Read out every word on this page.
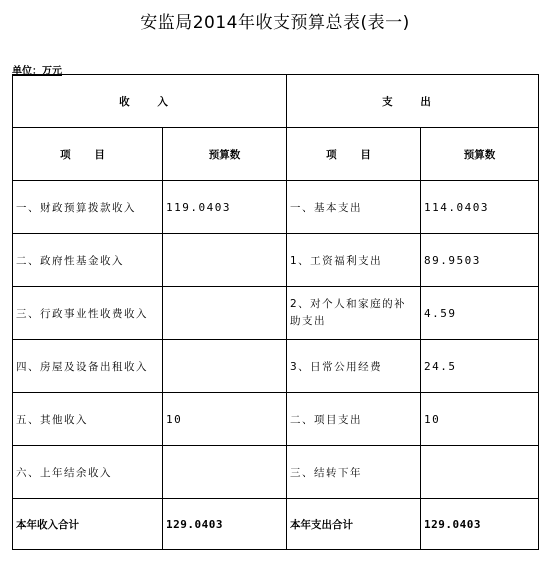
安监局2014年收支预算总表(表一)
单位：万元
收 入		支 出	
项 目	预算数	项 目	预算数
一、财政预算拨款收入	119.0403	一、基本支出	114.0403
二、政府性基金收入		1、工资福利支出	89.9503
三、行政事业性收费收入		2、对个人和家庭的补助支出	4.59
四、房屋及设备出租收入		3、日常公用经费	24.5
五、其他收入	10	二、项目支出	10
六、上年结余收入		三、结转下年	
本年收入合计	129.0403	本年支出合计	129.0403
